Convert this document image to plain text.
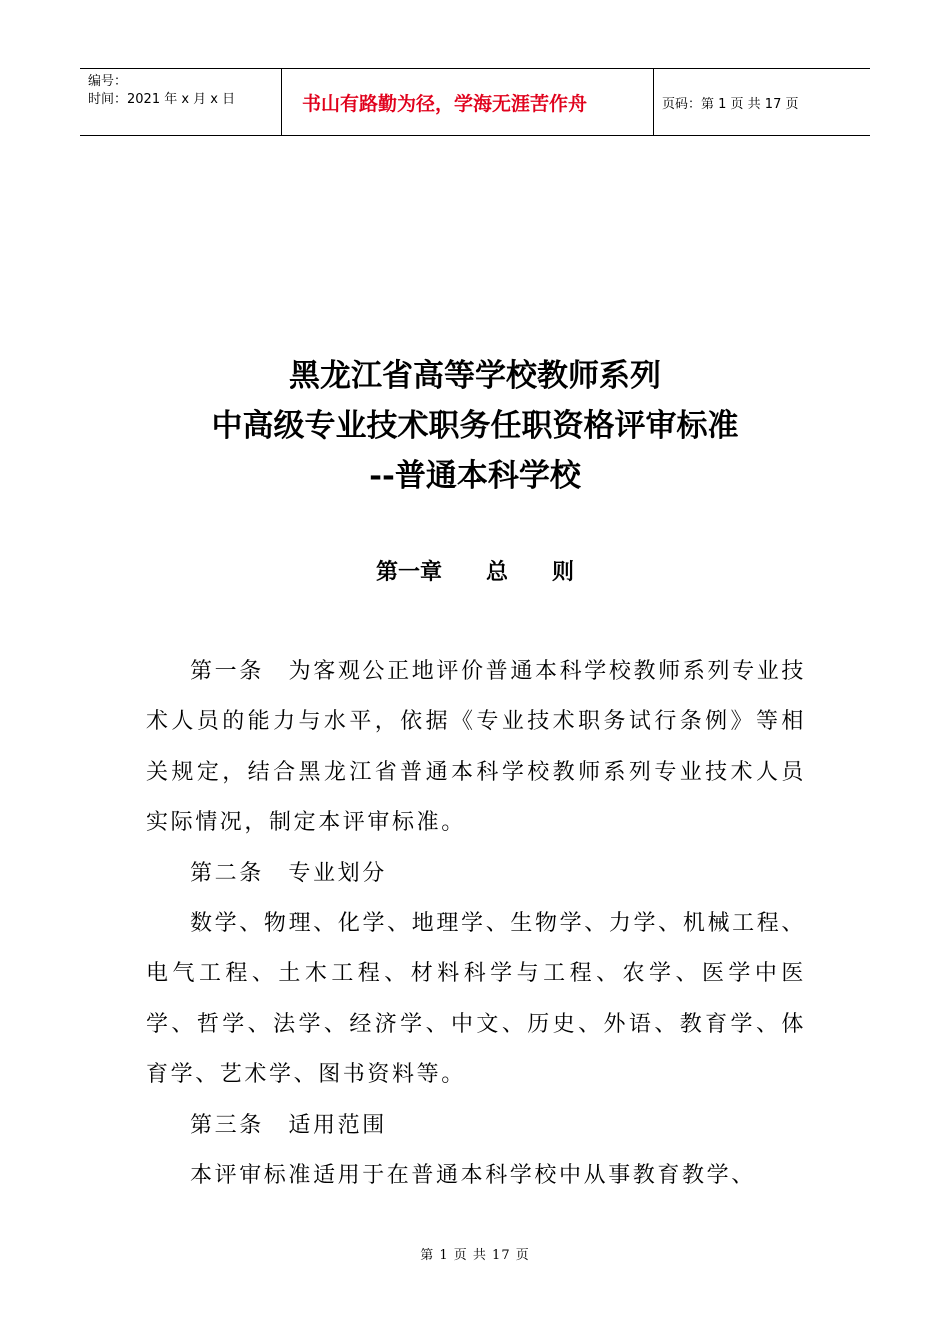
编号：
时间：2021 年 x 月 x 日	书山有路勤为径，学海无涯苦作舟	页码：第 1 页 共 17 页
黑龙江省高等学校教师系列
中高级专业技术职务任职资格评审标准
--普通本科学校
第一章　　总　　则

第一条　为客观公正地评价普通本科学校教师系列专业技术人员的能力与水平，依据《专业技术职务试行条例》等相关规定，结合黑龙江省普通本科学校教师系列专业技术人员实际情况，制定本评审标准。

第二条　专业划分

数学、物理、化学、地理学、生物学、力学、机械工程、电气工程、土木工程、材料科学与工程、农学、医学中医学、哲学、法学、经济学、中文、历史、外语、教育学、体育学、艺术学、图书资料等。

第三条　适用范围

本评审标准适用于在普通本科学校中从事教育教学、

第 1 页 共 17 页
